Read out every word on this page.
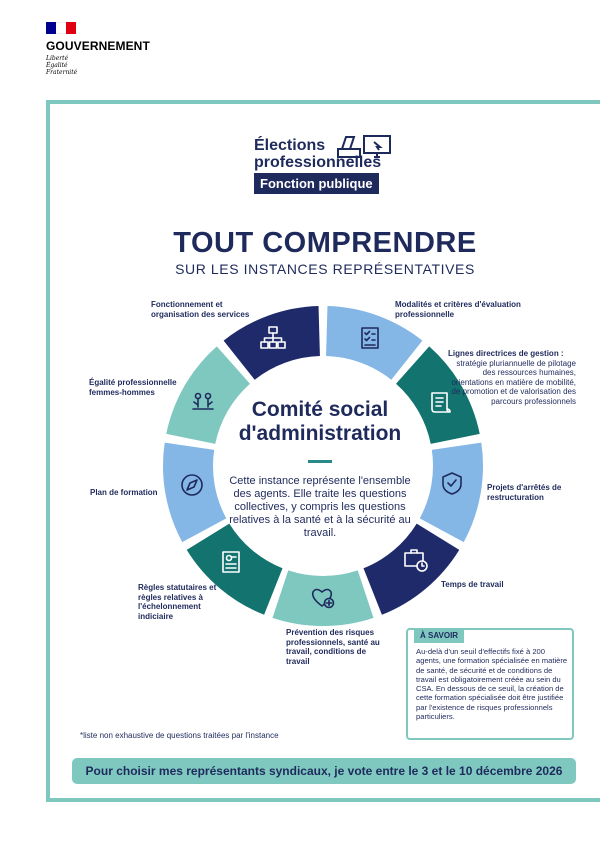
GOUVERNEMENT
Liberté
Égalité
Fraternité
Élections
professionnelles
Fonction publique
TOUT COMPRENDRE
SUR LES INSTANCES REPRÉSENTATIVES
Comité social
d'administration
Cette instance représente l'ensemble des agents. Elle traite les questions collectives, y compris les questions relatives à la santé et à la sécurité au travail.
Fonctionnement et organisation des services
Modalités et critères d'évaluation professionnelle
Lignes directrices de gestion :
stratégie pluriannuelle de pilotage des ressources humaines, orientations en matière de mobilité, de promotion et de valorisation des parcours professionnels
Projets d'arrêtés de restructuration
Temps de travail
Prévention des risques professionnels, santé au travail, conditions de travail
Règles statutaires et règles relatives à l'échelonnement indiciaire
Plan de formation
Égalité professionnelle femmes-hommes
À SAVOIR
Au-delà d'un seuil d'effectifs fixé à 200 agents, une formation spécialisée en matière de santé, de sécurité et de conditions de travail est obligatoirement créée au sein du CSA. En dessous de ce seuil, la création de cette formation spécialisée doit être justifiée par l'existence de risques professionnels particuliers.
*liste non exhaustive de questions traitées par l'instance
Pour choisir mes représentants syndicaux, je vote entre le 3 et le 10 décembre 2026
